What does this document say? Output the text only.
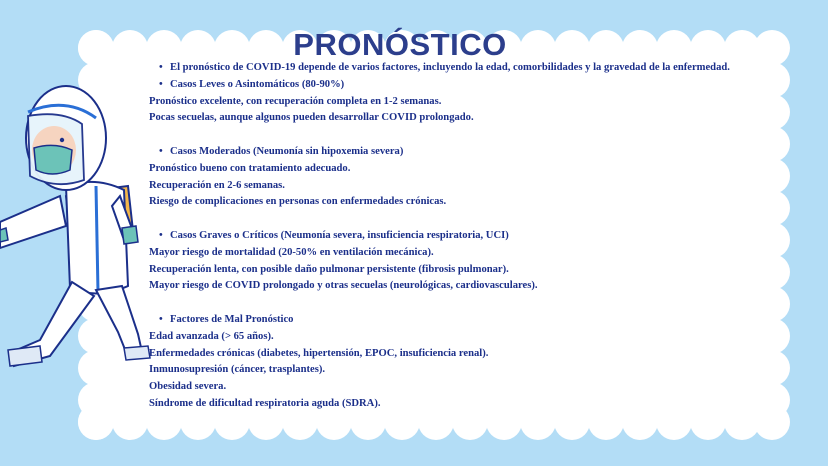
PRONÓSTICO
• El pronóstico de COVID-19 depende de varios factores, incluyendo la edad, comorbilidades y la gravedad de la enfermedad.
• Casos Leves o Asintomáticos (80-90%)
Pronóstico excelente, con recuperación completa en 1-2 semanas.
Pocas secuelas, aunque algunos pueden desarrollar COVID prolongado.
• Casos Moderados (Neumonía sin hipoxemia severa)
Pronóstico bueno con tratamiento adecuado.
Recuperación en 2-6 semanas.
Riesgo de complicaciones en personas con enfermedades crónicas.
• Casos Graves o Críticos (Neumonía severa, insuficiencia respiratoria, UCI)
Mayor riesgo de mortalidad (20-50% en ventilación mecánica).
Recuperación lenta, con posible daño pulmonar persistente (fibrosis pulmonar).
Mayor riesgo de COVID prolongado y otras secuelas (neurológicas, cardiovasculares).
• Factores de Mal Pronóstico
Edad avanzada (> 65 años).
Enfermedades crónicas (diabetes, hipertensión, EPOC, insuficiencia renal).
Inmunosupresión (cáncer, trasplantes).
Obesidad severa.
Síndrome de dificultad respiratoria aguda (SDRA).
